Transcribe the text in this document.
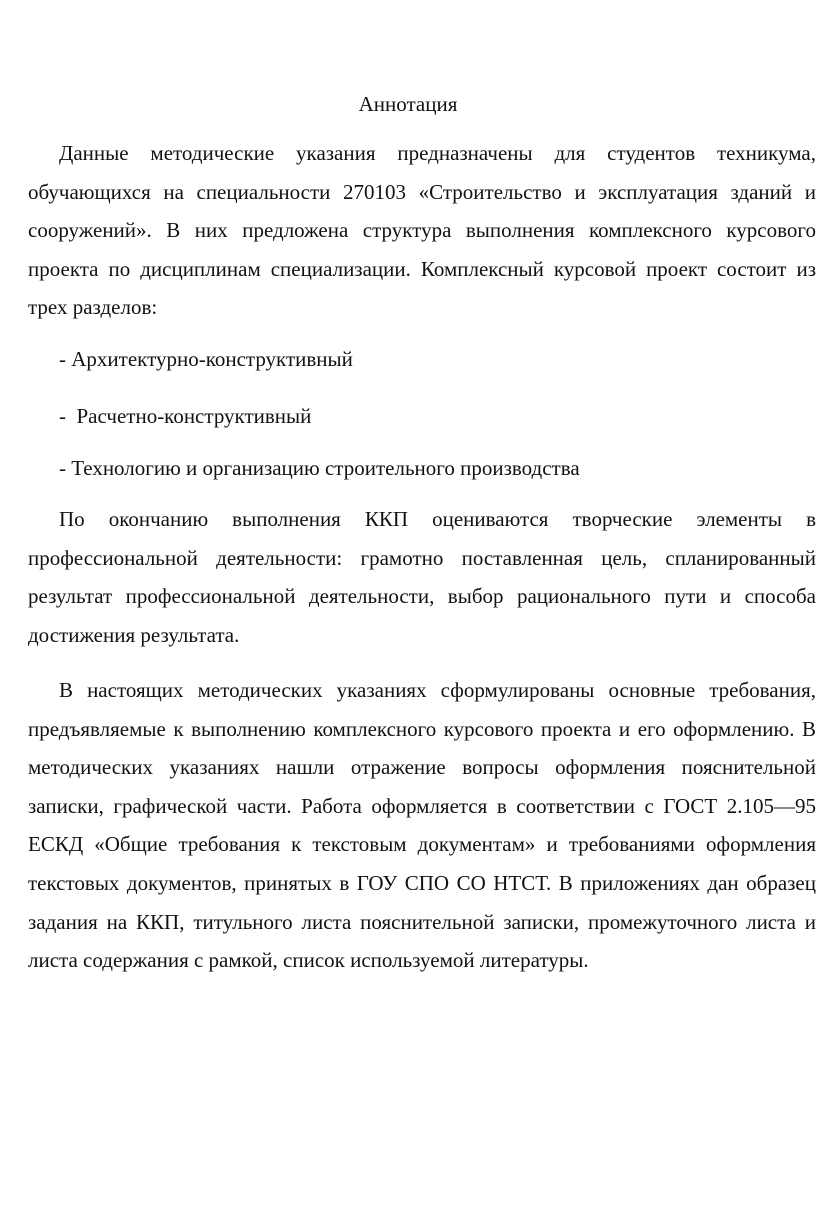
Аннотация

Данные методические указания предназначены для студентов техникума, обучающихся на специальности 270103 «Строительство и эксплуатация зданий и сооружений». В них предложена структура выполнения комплексного курсового проекта по дисциплинам специализации. Комплексный курсовой проект состоит из трех разделов:

- Архитектурно-конструктивный
-  Расчетно-конструктивный
- Технологию и организацию строительного производства

По окончанию выполнения ККП оцениваются творческие элементы в профессиональной деятельности: грамотно поставленная цель, спланированный результат профессиональной деятельности, выбор рационального пути и способа достижения результата.

В настоящих методических указаниях сформулированы основные требования, предъявляемые к выполнению комплексного курсового проекта и его оформлению. В методических указаниях нашли отражение вопросы оформления пояснительной записки, графической части. Работа оформляется в соответствии с ГОСТ 2.105—95 ЕСКД «Общие требования к текстовым документам» и требованиями оформления текстовых документов, принятых в ГОУ СПО СО НТСТ. В приложениях дан образец задания на ККП, титульного листа пояснительной записки, промежуточного листа и листа содержания с рамкой, список используемой литературы.
